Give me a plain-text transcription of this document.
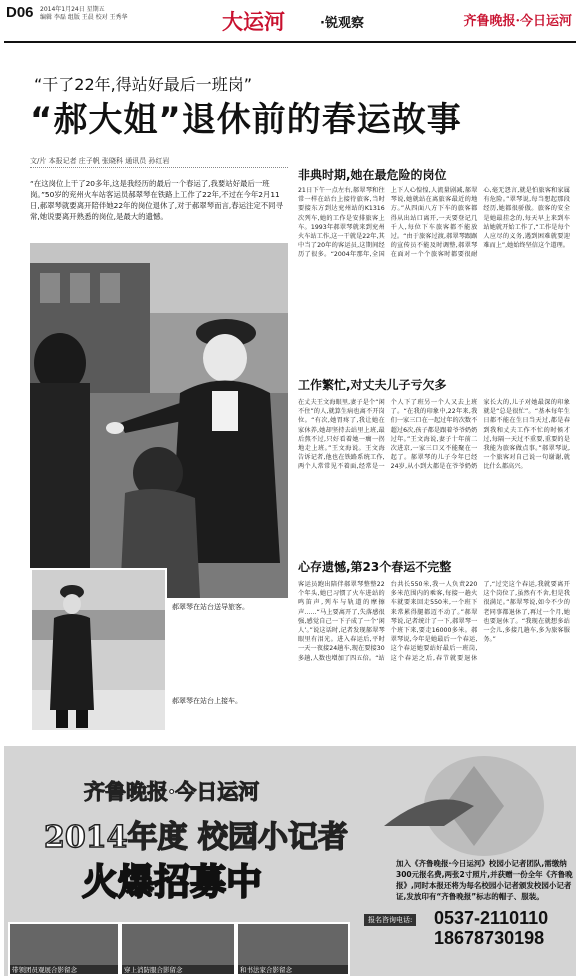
D06 2014年1月24日 星期五
编辑 李磊 组版 王晨 校对 王秀华	大运河	·锐观察	齐鲁晚报·今日运河
“干了22年,得站好最后一班岗”
“郝大姐”退休前的春运故事
文/片 本报记者 庄子帆 张晓科 通讯员 孙红岩
“在这岗位上干了20多年,这是我经历的最后一个春运了,我要站好最后一班岗。”50岁的兖州火车站客运员郝翠琴在铁路上工作了22年,不过在今年2月11日,郝翠琴就要离开陪伴她22年的岗位退休了,对于郝翠琴而言,春运注定不同寻常,她说要离开熟悉的岗位,是最大的遗憾。
郝翠琴在站台送导旅客。
郝翠琴在站台上接车。
非典时期,她在最危险的岗位
21日下午一点左右,郝翠琴和往常一样在站台上接待旅客,当时要接东方到达兖州站的K1316次列车,她的工作是安排旅客上车。1993年郝翠琴就来到兖州火车站工作,这一干就是22年,其中当了20年的客运员,这期间经历了很多。“2004年那年,全国上下人心惶惶,人流量剧减,郝翠琴说,她就站在离旅客最近的地方。”从四面八方下车的旅客都得从出站口离开,一天要登记几千人,每位下车旅客都不能放过。“由于旅客过渡,郝翠琴跟踞的宣传员不能及时调整,郝翠琴在面对一个个旅客时都要很耐心,毫无怨言,就是怕旅客和家属有危险。”翠琴说,每当想起那段经历,她都很骄傲。旅客的安全是她最挂念的,每天早上来到车站她就开始工作了,“工作是每个人应尽的义务,遇到困难就要迎难而上”,她始终坚信这个道理。
工作繁忙,对丈夫儿子亏欠多
在丈夫王文海眼里,妻子是个“闲不住”的人,就算生病也离不开岗位。“有次,她胃疼了,我让她在家休养,她却坚持去站里上班,最后熬不过,只好看着她一瘸一拐地走上班。”王文海说。王文海告诉记者,他也在铁路系统工作,两个人常常见不着面,经常是一个人下了班另一个人又去上班了。“在我的印象中,22年来,我们一家三口在一起过年的次数不超过6次,孩子都是跟着爷爷奶奶过年。”王文海说,妻子十年前二次进京,一家三口又不能聚在一起了。郝翠琴的儿子今年已经24岁,从小到大都是在爷爷奶奶家长大的,儿子对她最深的印象就是“总是很忙”。“基本每年生日都不能在生日当天过,都是春到我和丈夫工作不忙的时候才过,每隔一天过不重要,重要的是我能为旅客做点事。”郝翠琴说,一个旅客对自己说一句谢谢,就比什么都高兴。
心存遗憾,第23个春运不完整
客运员跑出陪伴郝翠琴整整22个年头,她已习惯了火车进站的鸣笛声,列车与轨道的摩擦声……“马上要离开了,失落感很强,感觉自己一下子成了一个‘闲人’。”说这话时,记者发现郝翠琴眼里有泪光。进入春运后,平时一天一夜接24趟车,现在要接30多趟,人数也增加了四五倍。“站台共长550米,我一人负责220多米范围内的乘客,每接一趟火车就要来回走550米,一个班下来常累得腿都迈不动了。”郝翠琴说,记者统计了一下,郝翠琴一个班下来,要走16000多米。郝翠琴说,今年是她最后一个春运,这个春运她要站好最后一班岗,这个春运之后,春节就要退休了,“过完这个春运,我就要离开这个岗位了,虽然有不舍,但是我很满足。”郝翠琴说,如今不少的老同事都退休了,再过一个月,她也要退休了。“我现在就想多站一会儿,多接几趟车,多为旅客服务。”
齐鲁晚报·今日运河
2014年度 校园小记者
火爆招募中	加入《齐鲁晚报·今日运河》校园小记者团队,需缴纳300元报名费,两张2寸照片,并获赠一份全年《齐鲁晚报》,同时本报还将为每名校园小记者颁发校园小记者证,发放印有“齐鲁晚报”标志的帽子、服装。
报名咨询电话: 0537-2110110
18678730198
带领团员观展合影留念	穿上消防服合影留念	和书法家合影留念
